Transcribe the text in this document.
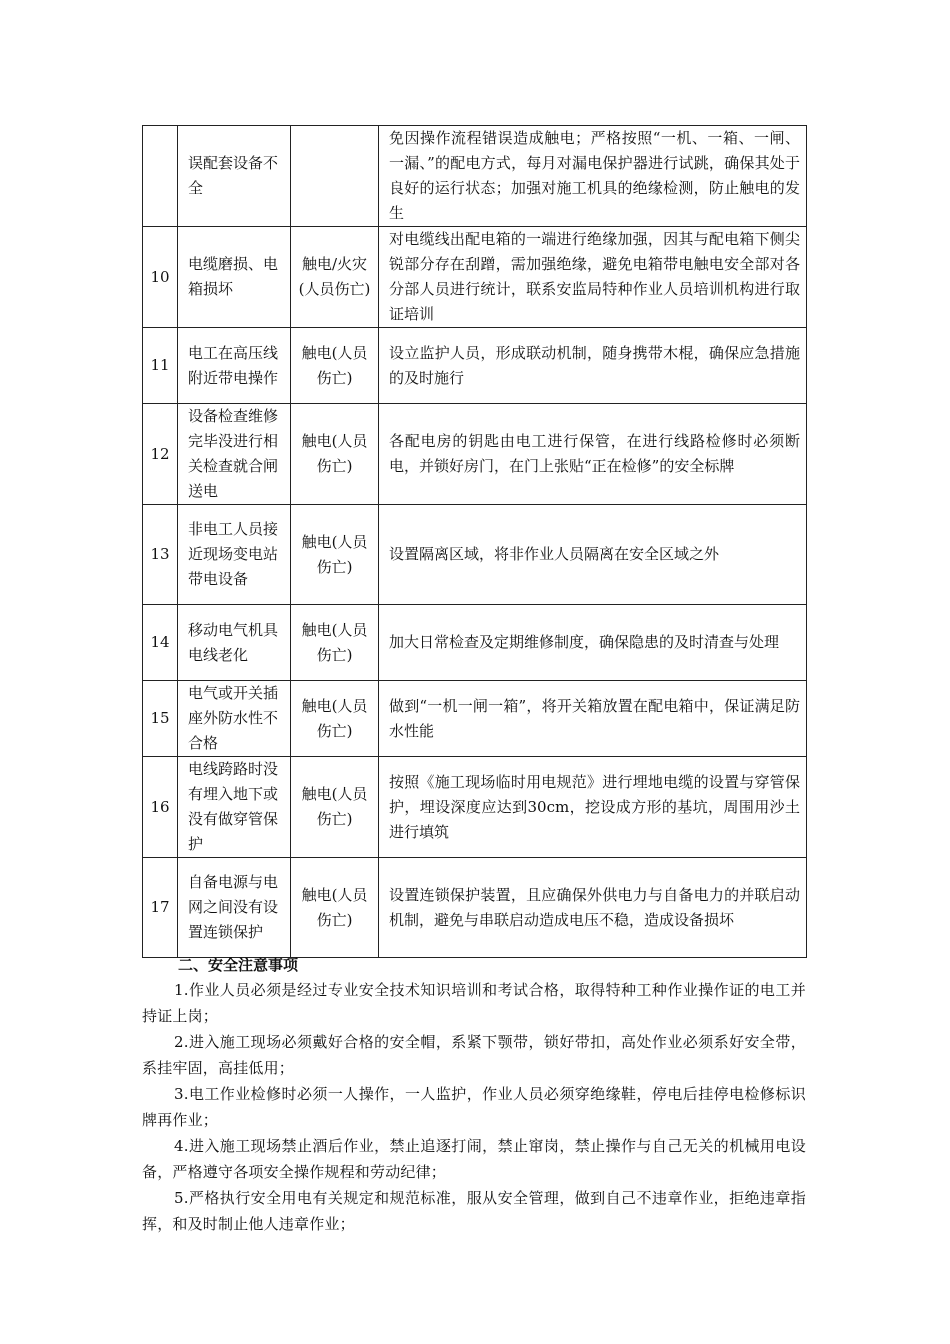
	误配套设备不全		免因操作流程错误造成触电；严格按照“一机、一箱、一闸、一漏、”的配电方式，每月对漏电保护器进行试跳，确保其处于良好的运行状态；加强对施工机具的绝缘检测，防止触电的发生
10	电缆磨损、电箱损坏	触电/火灾(人员伤亡)	对电缆线出配电箱的一端进行绝缘加强，因其与配电箱下侧尖锐部分存在刮蹭，需加强绝缘，避免电箱带电触电安全部对各分部人员进行统计，联系安监局特种作业人员培训机构进行取证培训
11	电工在高压线附近带电操作	触电(人员伤亡)	设立监护人员，形成联动机制，随身携带木棍，确保应急措施的及时施行
12	设备检查维修完毕没进行相关检查就合闸送电	触电(人员伤亡)	各配电房的钥匙由电工进行保管，在进行线路检修时必须断电，并锁好房门，在门上张贴“正在检修”的安全标牌
13	非电工人员接近现场变电站带电设备	触电(人员伤亡)	设置隔离区域，将非作业人员隔离在安全区域之外
14	移动电气机具电线老化	触电(人员伤亡)	加大日常检查及定期维修制度，确保隐患的及时清查与处理
15	电气或开关插座外防水性不合格	触电(人员伤亡)	做到“一机一闸一箱”，将开关箱放置在配电箱中，保证满足防水性能
16	电线跨路时没有埋入地下或没有做穿管保护	触电(人员伤亡)	按照《施工现场临时用电规范》进行埋地电缆的设置与穿管保护，埋设深度应达到30cm，挖设成方形的基坑，周围用沙土进行填筑
17	自备电源与电网之间没有设置连锁保护	触电(人员伤亡)	设置连锁保护装置，且应确保外供电力与自备电力的并联启动机制，避免与串联启动造成电压不稳，造成设备损坏
二、安全注意事项

1.作业人员必须是经过专业安全技术知识培训和考试合格，取得特种工种作业操作证的电工并持证上岗；

2.进入施工现场必须戴好合格的安全帽，系紧下颚带，锁好带扣，高处作业必须系好安全带，系挂牢固，高挂低用；

3.电工作业检修时必须一人操作，一人监护，作业人员必须穿绝缘鞋，停电后挂停电检修标识牌再作业；

4.进入施工现场禁止酒后作业，禁止追逐打闹，禁止窜岗，禁止操作与自己无关的机械用电设备，严格遵守各项安全操作规程和劳动纪律；

5.严格执行安全用电有关规定和规范标准，服从安全管理，做到自己不违章作业，拒绝违章指挥，和及时制止他人违章作业；
